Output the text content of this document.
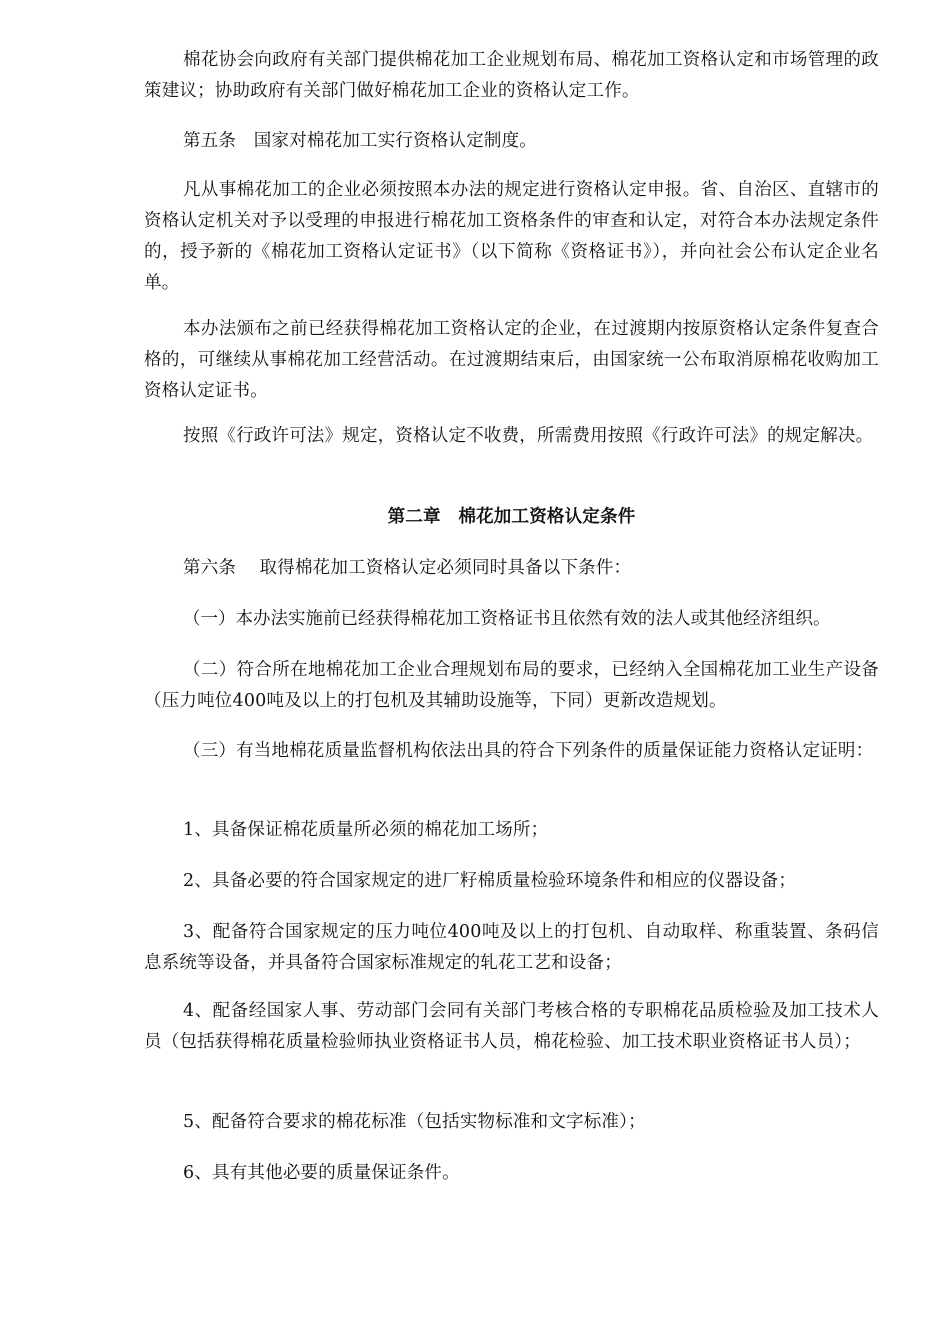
棉花协会向政府有关部门提供棉花加工企业规划布局、棉花加工资格认定和市场管理的政策建议；协助政府有关部门做好棉花加工企业的资格认定工作。

第五条　国家对棉花加工实行资格认定制度。

凡从事棉花加工的企业必须按照本办法的规定进行资格认定申报。省、自治区、直辖市的资格认定机关对予以受理的申报进行棉花加工资格条件的审查和认定，对符合本办法规定条件的，授予新的《棉花加工资格认定证书》（以下简称《资格证书》），并向社会公布认定企业名单。

本办法颁布之前已经获得棉花加工资格认定的企业，在过渡期内按原资格认定条件复查合格的，可继续从事棉花加工经营活动。在过渡期结束后，由国家统一公布取消原棉花收购加工资格认定证书。

按照《行政许可法》规定，资格认定不收费，所需费用按照《行政许可法》的规定解决。

第二章　棉花加工资格认定条件

第六条　 取得棉花加工资格认定必须同时具备以下条件：

（一）本办法实施前已经获得棉花加工资格证书且依然有效的法人或其他经济组织。

（二）符合所在地棉花加工企业合理规划布局的要求，已经纳入全国棉花加工业生产设备（压力吨位400吨及以上的打包机及其辅助设施等，下同）更新改造规划。

（三）有当地棉花质量监督机构依法出具的符合下列条件的质量保证能力资格认定证明：

1、具备保证棉花质量所必须的棉花加工场所；

2、具备必要的符合国家规定的进厂籽棉质量检验环境条件和相应的仪器设备；

3、配备符合国家规定的压力吨位400吨及以上的打包机、自动取样、称重装置、条码信息系统等设备，并具备符合国家标准规定的轧花工艺和设备；

4、配备经国家人事、劳动部门会同有关部门考核合格的专职棉花品质检验及加工技术人员（包括获得棉花质量检验师执业资格证书人员，棉花检验、加工技术职业资格证书人员）；

5、配备符合要求的棉花标准（包括实物标准和文字标准）；

6、具有其他必要的质量保证条件。
